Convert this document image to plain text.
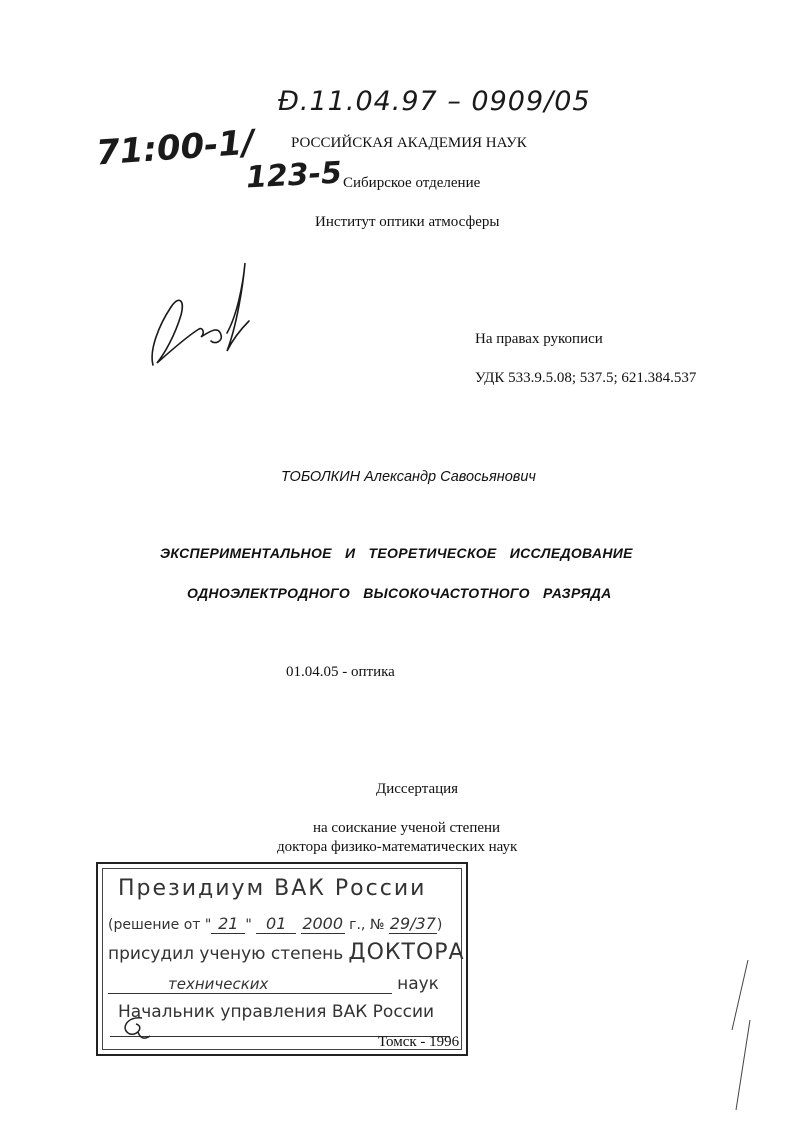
Ð.11.04.97 – 0909/05
71:00-1/
123-5
РОССИЙСКАЯ АКАДЕМИЯ НАУК
Сибирское отделение
Институт оптики атмосферы
На правах рукописи
УДК 533.9.5.08; 537.5; 621.384.537
ТОБОЛКИН Александр Савосьянович
ЭКСПЕРИМЕНТАЛЬНОЕ И ТЕОРЕТИЧЕСКОЕ ИССЛЕДОВАНИЕ
ОДНОЭЛЕКТРОДНОГО ВЫСОКОЧАСТОТНОГО РАЗРЯДА
01.04.05 - оптика
Диссертация
на соискание ученой степени
доктора физико-математических наук
Президиум ВАК России
(решение от " 21 " 01 2000 г., № 29/37)
присудил ученую степень ДОКТОРА
технических	наук
Начальник управления ВАК России
Томск - 1996
